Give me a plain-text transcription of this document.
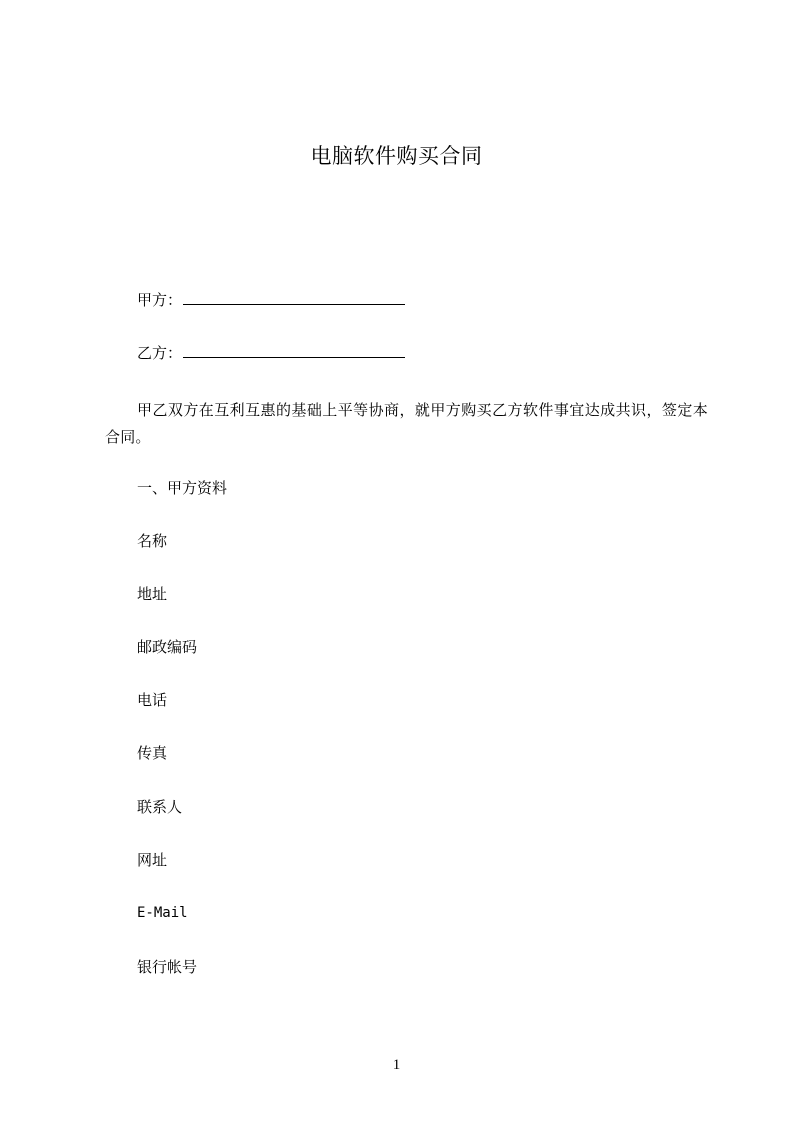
电脑软件购买合同
甲方：
乙方：
甲乙双方在互利互惠的基础上平等协商，就甲方购买乙方软件事宜达成共识，签定本合同。
一、甲方资料
名称
地址
邮政编码
电话
传真
联系人
网址
E-Mail
银行帐号
1
